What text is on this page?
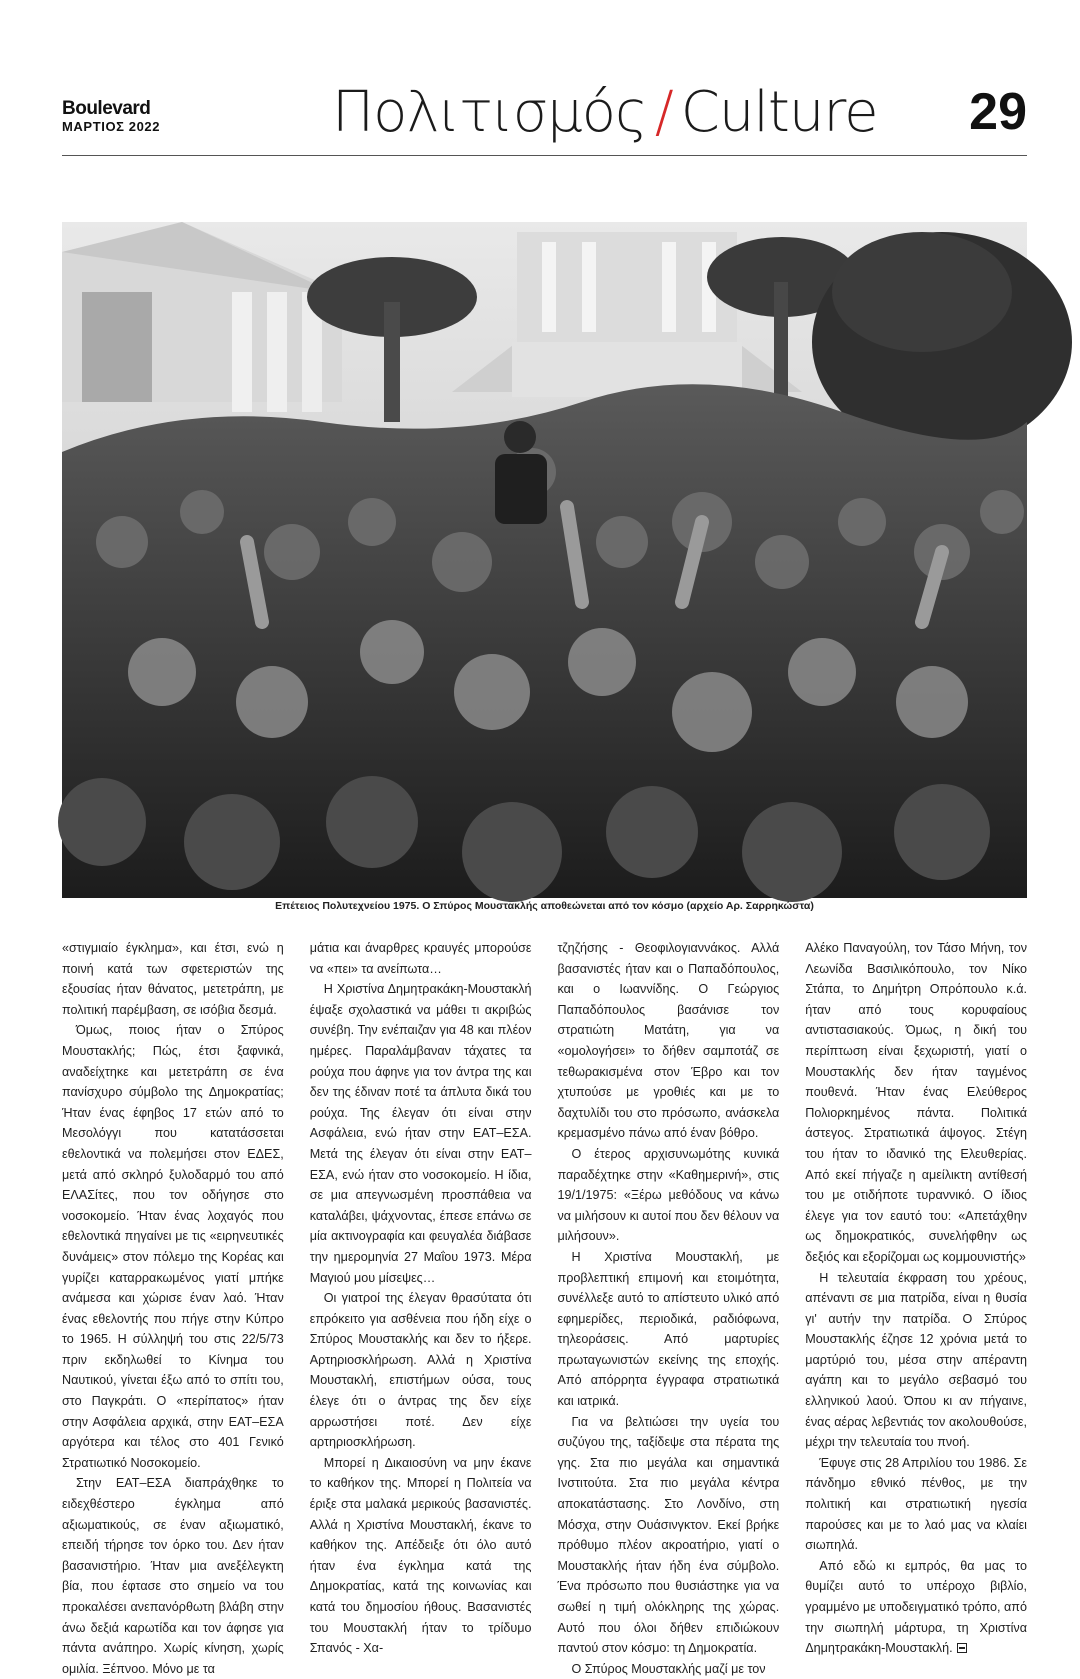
Boulevard
ΜΑΡΤΙΟΣ 2022	Πολιτισμός / Culture 29
Επέτειος Πολυτεχνείου 1975. Ο Σπύρος Μουστακλής αποθεώνεται από τον κόσμο (αρχείο Αρ. Σαρρηκώστα)

«στιγμιαίο έγκλημα», και έτσι, ενώ η ποινή κατά των σφετεριστών της εξουσίας ήταν θάνατος, μετετράπη, με πολιτική παρέμβαση, σε ισόβια δεσμά.

Όμως, ποιος ήταν ο Σπύρος Μουστακλής; Πώς, έτσι ξαφνικά, αναδείχτηκε και μετετράπη σε ένα πανίσχυρο σύμβολο της Δημοκρατίας; Ήταν ένας έφηβος 17 ετών από το Μεσολόγγι που κατατάσσεται εθελοντικά να πολεμήσει στον ΕΔΕΣ, μετά από σκληρό ξυλοδαρμό του από ΕΛΑΣίτες, που τον οδήγησε στο νοσοκομείο. Ήταν ένας λοχαγός που εθελοντικά πηγαίνει με τις «ειρηνευτικές δυνάμεις» στον πόλεμο της Κορέας και γυρίζει καταρρακωμένος γιατί μπήκε ανάμεσα και χώρισε έναν λαό. Ήταν ένας εθελοντής που πήγε στην Κύπρο το 1965. Η σύλληψή του στις 22/5/73 πριν εκδηλωθεί το Κίνημα του Ναυτικού, γίνεται έξω από το σπίτι του, στο Παγκράτι. Ο «περίπατος» ήταν στην Ασφάλεια αρχικά, στην ΕΑΤ–ΕΣΑ αργότερα και τέλος στο 401 Γενικό Στρατιωτικό Νοσοκομείο.

Στην ΕΑΤ–ΕΣΑ διαπράχθηκε το ειδεχθέστερο έγκλημα από αξιωματικούς, σε έναν αξιωματικό, επειδή τήρησε τον όρκο του. Δεν ήταν βασανιστήριο. Ήταν μια ανεξέλεγκτη βία, που έφτασε στο σημείο να του προκαλέσει ανεπανόρθωτη βλάβη στην άνω δεξιά καρωτίδα και τον άφησε για πάντα ανάπηρο. Χωρίς κίνηση, χωρίς ομιλία. Ξέπνοο. Μόνο με τα

μάτια και άναρθρες κραυγές μπορούσε να «πει» τα ανείπωτα…

Η Χριστίνα Δημητρακάκη-Μουστακλή έψαξε σχολαστικά να μάθει τι ακριβώς συνέβη. Την ενέπαιζαν για 48 και πλέον ημέρες. Παραλάμβαναν τάχατες τα ρούχα που άφηνε για τον άντρα της και δεν της έδιναν ποτέ τα άπλυτα δικά του ρούχα. Της έλεγαν ότι είναι στην Ασφάλεια, ενώ ήταν στην ΕΑΤ–ΕΣΑ. Μετά της έλεγαν ότι είναι στην ΕΑΤ–ΕΣΑ, ενώ ήταν στο νοσοκομείο. Η ίδια, σε μια απεγνωσμένη προσπάθεια να καταλάβει, ψάχνοντας, έπεσε επάνω σε μία ακτινογραφία και φευγαλέα διάβασε την ημερομηνία 27 Μαΐου 1973. Μέρα Μαγιού μου μίσεψες…

Οι γιατροί της έλεγαν θρασύτατα ότι επρόκειτο για ασθένεια που ήδη είχε ο Σπύρος Μουστακλής και δεν το ήξερε. Αρτηριοσκλήρωση. Αλλά η Χριστίνα Μουστακλή, επιστήμων ούσα, τους έλεγε ότι ο άντρας της δεν είχε αρρωστήσει ποτέ. Δεν είχε αρτηριοσκλήρωση.

Μπορεί η Δικαιοσύνη να μην έκανε το καθήκον της. Μπορεί η Πολιτεία να έριξε στα μαλακά μερικούς βασανιστές. Αλλά η Χριστίνα Μουστακλή, έκανε το καθήκον της. Απέδειξε ότι όλο αυτό ήταν ένα έγκλημα κατά της Δημοκρατίας, κατά της κοινωνίας και κατά του δημοσίου ήθους. Βασανιστές του Μουστακλή ήταν το τρίδυμο Σπανός - Χα-

τζηζήσης - Θεοφιλογιαννάκος. Αλλά βασανιστές ήταν και ο Παπαδόπουλος, και ο Ιωαννίδης. Ο Γεώργιος Παπαδόπουλος βασάνισε τον στρατιώτη Ματάτη, για να «ομολογήσει» το δήθεν σαμποτάζ σε τεθωρακισμένα στον Έβρο και τον χτυπούσε με γροθιές και με το δαχτυλίδι του στο πρόσωπο, ανάσκελα κρεμασμένο πάνω από έναν βόθρο.

Ο έτερος αρχισυνωμότης κυνικά παραδέχτηκε στην «Καθημερινή», στις 19/1/1975: «Ξέρω μεθόδους να κάνω να μιλήσουν κι αυτοί που δεν θέλουν να μιλήσουν».

Η Χριστίνα Μουστακλή, με προβλεπτική επιμονή και ετοιμότητα, συνέλλεξε αυτό το απίστευτο υλικό από εφημερίδες, περιοδικά, ραδιόφωνα, τηλεοράσεις. Από μαρτυρίες πρωταγωνιστών εκείνης της εποχής. Από απόρρητα έγγραφα στρατιωτικά και ιατρικά.

Για να βελτιώσει την υγεία του συζύγου της, ταξίδεψε στα πέρατα της γης. Στα πιο μεγάλα και σημαντικά Ινστιτούτα. Στα πιο μεγάλα κέντρα αποκατάστασης. Στο Λονδίνο, στη Μόσχα, στην Ουάσινγκτον. Εκεί βρήκε πρόθυμο πλέον ακροατήριο, γιατί ο Μουστακλής ήταν ήδη ένα σύμβολο. Ένα πρόσωπο που θυσιάστηκε για να σωθεί η τιμή ολόκληρης της χώρας. Αυτό που όλοι δήθεν επιδιώκουν παντού στον κόσμο: τη Δημοκρατία.

Ο Σπύρος Μουστακλής μαζί με τον

Αλέκο Παναγούλη, τον Τάσο Μήνη, τον Λεωνίδα Βασιλικόπουλο, τον Νίκο Στάπα, το Δημήτρη Οπρόπουλο κ.ά. ήταν από τους κορυφαίους αντιστασιακούς. Όμως, η δική του περίπτωση είναι ξεχωριστή, γιατί ο Μουστακλής δεν ήταν ταγμένος πουθενά. Ήταν ένας Ελεύθερος Πολιορκημένος πάντα. Πολιτικά άστεγος. Στρατιωτικά άψογος. Στέγη του ήταν το ιδανικό της Ελευθερίας. Από εκεί πήγαζε η αμείλικτη αντίθεσή του με οτιδήποτε τυραννικό. Ο ίδιος έλεγε για τον εαυτό του: «Απετάχθην ως δημοκρατικός, συνελήφθην ως δεξιός και εξορίζομαι ως κομμουνιστής»

Η τελευταία έκφραση του χρέους, απέναντι σε μια πατρίδα, είναι η θυσία γι' αυτήν την πατρίδα. Ο Σπύρος Μουστακλής έζησε 12 χρόνια μετά το μαρτύριό του, μέσα στην απέραντη αγάπη και το μεγάλο σεβασμό του ελληνικού λαού. Όπου κι αν πήγαινε, ένας αέρας λεβεντιάς τον ακολουθούσε, μέχρι την τελευταία του πνοή.

Έφυγε στις 28 Απριλίου του 1986. Σε πάνδημο εθνικό πένθος, με την πολιτική και στρατιωτική ηγεσία παρούσες και με το λαό μας να κλαίει σιωπηλά.

Από εδώ κι εμπρός, θα μας το θυμίζει αυτό το υπέροχο βιβλίο, γραμμένο με υποδειγματικό τρόπο, από την σιωπηλή μάρτυρα, τη Χριστίνα Δημητρακάκη-Μουστακλή.
